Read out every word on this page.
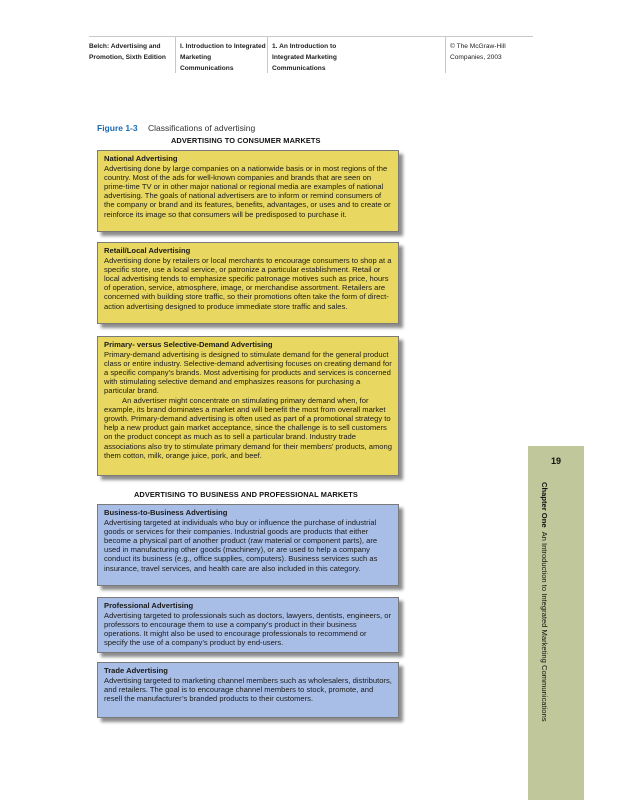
Belch: Advertising and
Promotion, Sixth Edition
I. Introduction to Integrated
Marketing
Communications
1. An Introduction to
Integrated Marketing
Communications
© The McGraw-Hill
Companies, 2003
Figure 1-3 Classifications of advertising
ADVERTISING TO CONSUMER MARKETS

National Advertising

Advertising done by large companies on a nationwide basis or in most regions of the country. Most of the ads for well-known companies and brands that are seen on prime-time TV or in other major national or regional media are examples of national advertising. The goals of national advertisers are to inform or remind consumers of the company or brand and its features, benefits, advantages, or uses and to create or reinforce its image so that consumers will be predisposed to purchase it.

Retail/Local Advertising

Advertising done by retailers or local merchants to encourage consumers to shop at a specific store, use a local service, or patronize a particular establishment. Retail or local advertising tends to emphasize specific patronage motives such as price, hours of operation, service, atmosphere, image, or merchandise assortment. Retailers are concerned with building store traffic, so their promotions often take the form of direct-action advertising designed to produce immediate store traffic and sales.

Primary- versus Selective-Demand Advertising

Primary-demand advertising is designed to stimulate demand for the general product class or entire industry. Selective-demand advertising focuses on creating demand for a specific company’s brands. Most advertising for products and services is concerned with stimulating selective demand and emphasizes reasons for purchasing a particular brand.

An advertiser might concentrate on stimulating primary demand when, for example, its brand dominates a market and will benefit the most from overall market growth. Primary-demand advertising is often used as part of a promotional strategy to help a new product gain market acceptance, since the challenge is to sell customers on the product concept as much as to sell a particular brand. Industry trade associations also try to stimulate primary demand for their members’ products, among them cotton, milk, orange juice, pork, and beef.

ADVERTISING TO BUSINESS AND PROFESSIONAL MARKETS

Business-to-Business Advertising

Advertising targeted at individuals who buy or influence the purchase of industrial goods or services for their companies. Industrial goods are products that either become a physical part of another product (raw material or component parts), are used in manufacturing other goods (machinery), or are used to help a company conduct its business (e.g., office supplies, computers). Business services such as insurance, travel services, and health care are also included in this category.

Professional Advertising

Advertising targeted to professionals such as doctors, lawyers, dentists, engineers, or professors to encourage them to use a company’s product in their business operations. It might also be used to encourage professionals to recommend or specify the use of a company’s product by end-users.

Trade Advertising

Advertising targeted to marketing channel members such as wholesalers, distributors, and retailers. The goal is to encourage channel members to stock, promote, and resell the manufacturer’s branded products to their customers.

19
Chapter OneAn Introduction to Integrated Marketing Communications
